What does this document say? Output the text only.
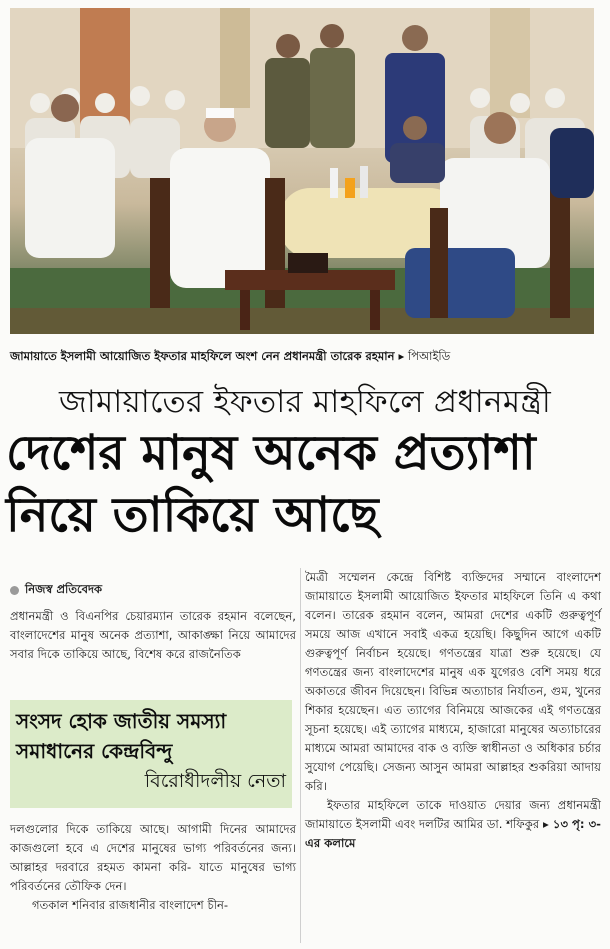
জামায়াতে ইসলামী আয়োজিত ইফতার মাহফিলে অংশ নেন প্রধানমন্ত্রী তারেক রহমান ▸ পিআইডি
জামায়াতের ইফতার মাহফিলে প্রধানমন্ত্রী
দেশের মানুষ অনেক প্রত্যাশা
নিয়ে তাকিয়ে আছে
নিজস্ব প্রতিবেদক

প্রধানমন্ত্রী ও বিএনপির চেয়ারম্যান তারেক রহমান বলেছেন, বাংলাদেশের মানুষ অনেক প্রত্যাশা, আকাঙ্ক্ষা নিয়ে আমাদের সবার দিকে তাকিয়ে আছে, বিশেষ করে রাজনৈতিক

সংসদ হোক জাতীয় সমস্যা
সমাধানের কেন্দ্রবিন্দু
বিরোধীদলীয় নেতা

দলগুলোর দিকে তাকিয়ে আছে। আগামী দিনের আমাদের কাজগুলো হবে এ দেশের মানুষের ভাগ্য পরিবর্তনের জন্য। আল্লাহর দরবারে রহমত কামনা করি- যাতে মানুষের ভাগ্য পরিবর্তনের তৌফিক দেন।

গতকাল শনিবার রাজধানীর বাংলাদেশ চীন-

মৈত্রী সম্মেলন কেন্দ্রে বিশিষ্ট ব্যক্তিদের সম্মানে বাংলাদেশ জামায়াতে ইসলামী আয়োজিত ইফতার মাহফিলে তিনি এ কথা বলেন। তারেক রহমান বলেন, আমরা দেশের একটি গুরুত্বপূর্ণ সময়ে আজ এখানে সবাই একত্র হয়েছি। কিছুদিন আগে একটি গুরুত্বপূর্ণ নির্বাচন হয়েছে। গণতন্ত্রের যাত্রা শুরু হয়েছে। যে গণতন্ত্রের জন্য বাংলাদেশের মানুষ এক যুগেরও বেশি সময় ধরে অকাতরে জীবন দিয়েছেন। বিভিন্ন অত্যাচার নির্যাতন, গুম, খুনের শিকার হয়েছেন। এত ত্যাগের বিনিময়ে আজকের এই গণতন্ত্রের সূচনা হয়েছে। এই ত্যাগের মাধ্যমে, হাজারো মানুষের অত্যাচারের মাধ্যমে আমরা আমাদের বাক ও ব্যক্তি স্বাধীনতা ও অধিকার চর্চার সুযোগ পেয়েছি। সেজন্য আসুন আমরা আল্লাহর শুকরিয়া আদায় করি।

ইফতার মাহফিলে তাকে দাওয়াত দেয়ার জন্য প্রধানমন্ত্রী জামায়াতে ইসলামী এবং দলটির আমির ডা. শফিকুর ▸ ১৩ পৃ: ৩-এর কলামে
